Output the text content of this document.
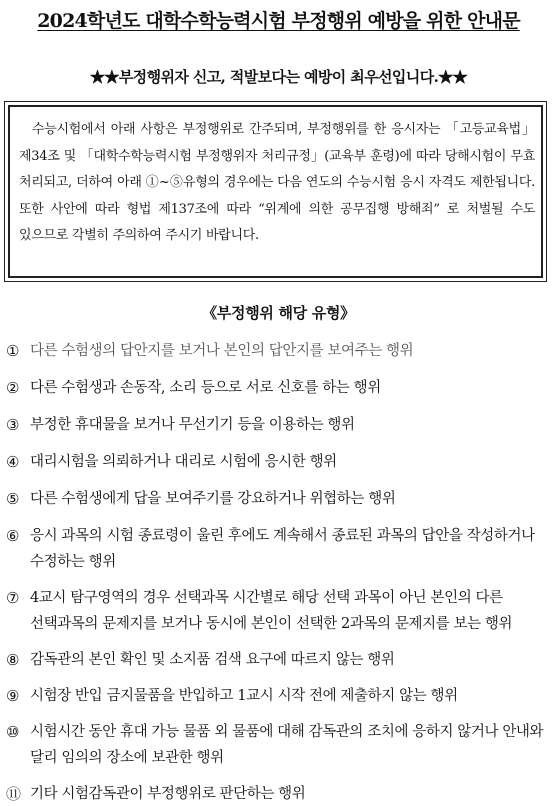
2024학년도 대학수학능력시험 부정행위 예방을 위한 안내문
★★부정행위자 신고, 적발보다는 예방이 최우선입니다.★★

수능시험에서 아래 사항은 부정행위로 간주되며, 부정행위를 한 응시자는 「고등교육법」 제34조 및 「대학수학능력시험 부정행위자 처리규정」(교육부 훈령)에 따라 당해시험이 무효 처리되고, 더하여 아래 ①~⑤유형의 경우에는 다음 연도의 수능시험 응시 자격도 제한됩니다. 또한 사안에 따라 형법 제137조에 따라 “위계에 의한 공무집행 방해죄” 로 처벌될 수도 있으므로 각별히 주의하여 주시기 바랍니다.

《부정행위 해당 유형》
① 다른 수험생의 답안지를 보거나 본인의 답안지를 보여주는 행위
② 다른 수험생과 손동작, 소리 등으로 서로 신호를 하는 행위
③ 부정한 휴대물을 보거나 무선기기 등을 이용하는 행위
④ 대리시험을 의뢰하거나 대리로 시험에 응시한 행위
⑤ 다른 수험생에게 답을 보여주기를 강요하거나 위협하는 행위
⑥ 응시 과목의 시험 종료령이 울린 후에도 계속해서 종료된 과목의 답안을 작성하거나 수정하는 행위
⑦ 4교시 탐구영역의 경우 선택과목 시간별로 해당 선택 과목이 아닌 본인의 다른 선택과목의 문제지를 보거나 동시에 본인이 선택한 2과목의 문제지를 보는 행위
⑧ 감독관의 본인 확인 및 소지품 검색 요구에 따르지 않는 행위
⑨ 시험장 반입 금지물품을 반입하고 1교시 시작 전에 제출하지 않는 행위
⑩ 시험시간 동안 휴대 가능 물품 외 물품에 대해 감독관의 조치에 응하지 않거나 안내와 달리 임의의 장소에 보관한 행위
⑪ 기타 시험감독관이 부정행위로 판단하는 행위
